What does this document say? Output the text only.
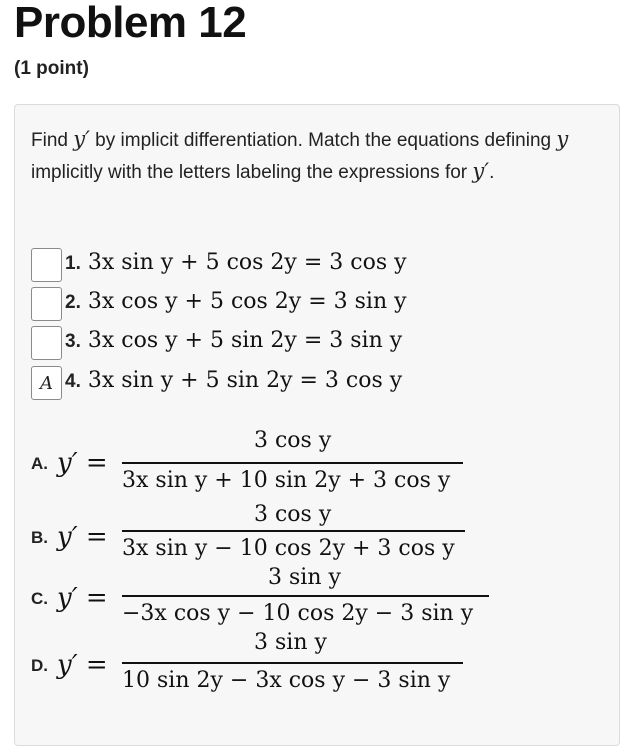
Problem 12
(1 point)

Find y′ by implicit differentiation. Match the equations defining y implicitly with the letters labeling the expressions for y′.

1. 3x sin y + 5 cos 2y = 3 cos y
2. 3x cos y + 5 cos 2y = 3 sin y
3. 3x cos y + 5 sin 2y = 3 sin y
A 4. 3x sin y + 5 sin 2y = 3 cos y
A. y′ =
3 cos y
3x sin y + 10 sin 2y + 3 cos y
B. y′ =
3 cos y
3x sin y − 10 cos 2y + 3 cos y
C. y′ =
3 sin y
−3x cos y − 10 cos 2y − 3 sin y
D. y′ =
3 sin y
10 sin 2y − 3x cos y − 3 sin y
